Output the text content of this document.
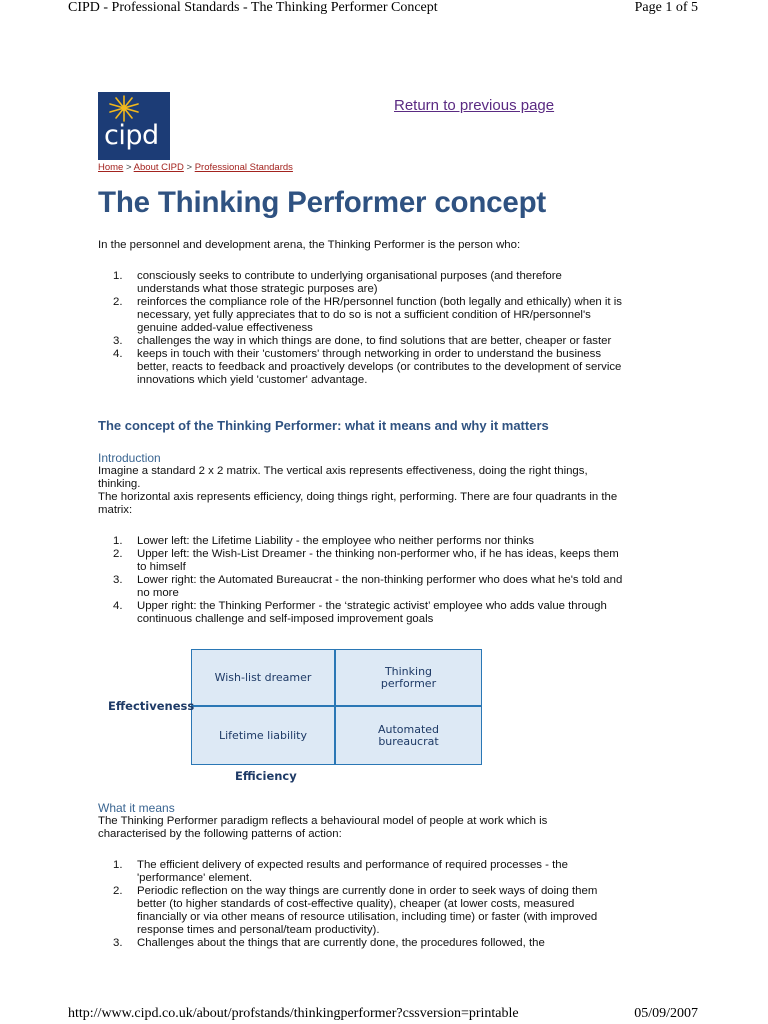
CIPD - Professional Standards - The Thinking Performer Concept	Page 1 of 5
cipd
Return to previous page
Home > About CIPD > Professional Standards
The Thinking Performer concept

In the personnel and development arena, the Thinking Performer is the person who:

1. consciously seeks to contribute to underlying organisational purposes (and therefore understands what those strategic purposes are)
2. reinforces the compliance role of the HR/personnel function (both legally and ethically) when it is necessary, yet fully appreciates that to do so is not a sufficient condition of HR/personnel's genuine added-value effectiveness
3. challenges the way in which things are done, to find solutions that are better, cheaper or faster
4. keeps in touch with their 'customers' through networking in order to understand the business better, reacts to feedback and proactively develops (or contributes to the development of service innovations which yield 'customer' advantage.
The concept of the Thinking Performer: what it means and why it matters
Introduction

Imagine a standard 2 x 2 matrix. The vertical axis represents effectiveness, doing the right things, thinking.

The horizontal axis represents efficiency, doing things right, performing. There are four quadrants in the matrix:

1. Lower left: the Lifetime Liability - the employee who neither performs nor thinks
2. Upper left: the Wish-List Dreamer - the thinking non-performer who, if he has ideas, keeps them to himself
3. Lower right: the Automated Bureaucrat - the non-thinking performer who does what he's told and no more
4. Upper right: the Thinking Performer - the ‘strategic activist’ employee who adds value through continuous challenge and self-imposed improvement goals
Wish-list dreamer	Thinking performer
Lifetime liability	Automated bureaucrat
Effectiveness
Efficiency
What it means

The Thinking Performer paradigm reflects a behavioural model of people at work which is characterised by the following patterns of action:

1. The efficient delivery of expected results and performance of required processes - the 'performance' element.
2. Periodic reflection on the way things are currently done in order to seek ways of doing them better (to higher standards of cost-effective quality), cheaper (at lower costs, measured financially or via other means of resource utilisation, including time) or faster (with improved response times and personal/team productivity).
3. Challenges about the things that are currently done, the procedures followed, the
http://www.cipd.co.uk/about/profstands/thinkingperformer?cssversion=printable	05/09/2007
